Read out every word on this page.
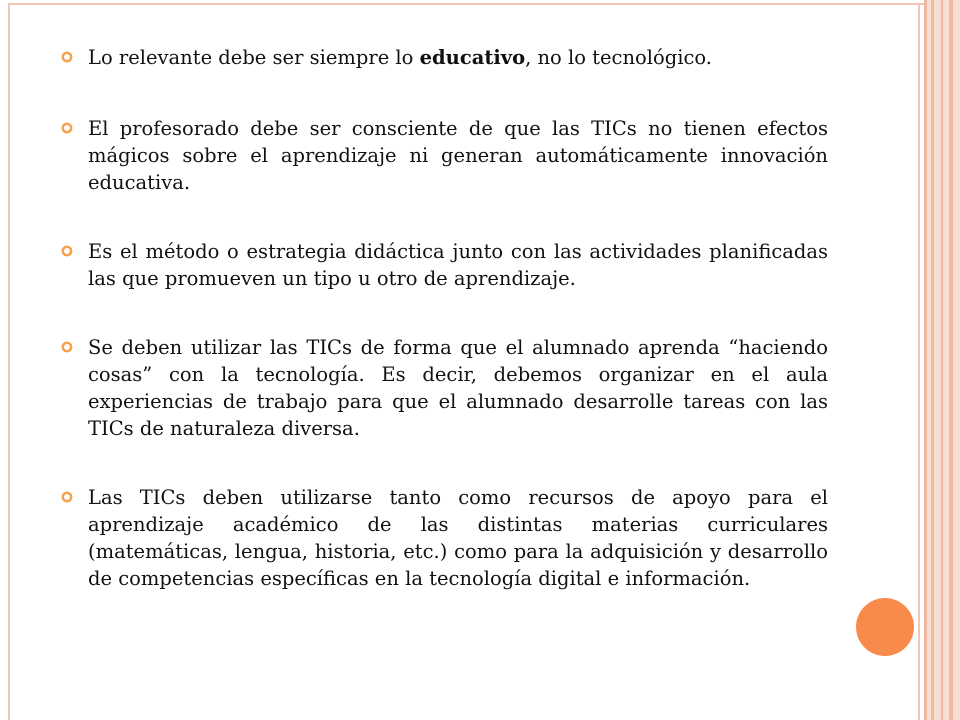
Lo relevante debe ser siempre lo educativo, no lo tecnológico.
El profesorado debe ser consciente de que las TICs no tienen efectos mágicos sobre el aprendizaje ni generan automáticamente innovación educativa.
Es el método o estrategia didáctica junto con las actividades planificadas las que promueven un tipo u otro de aprendizaje.
Se deben utilizar las TICs de forma que el alumnado aprenda “haciendo cosas” con la tecnología. Es decir, debemos organizar en el aula experiencias de trabajo para que el alumnado desarrolle tareas con las TICs de naturaleza diversa.
Las TICs deben utilizarse tanto como recursos de apoyo para el aprendizaje académico de las distintas materias curriculares (matemáticas, lengua, historia, etc.) como para la adquisición y desarrollo de competencias específicas en la tecnología digital e información.
